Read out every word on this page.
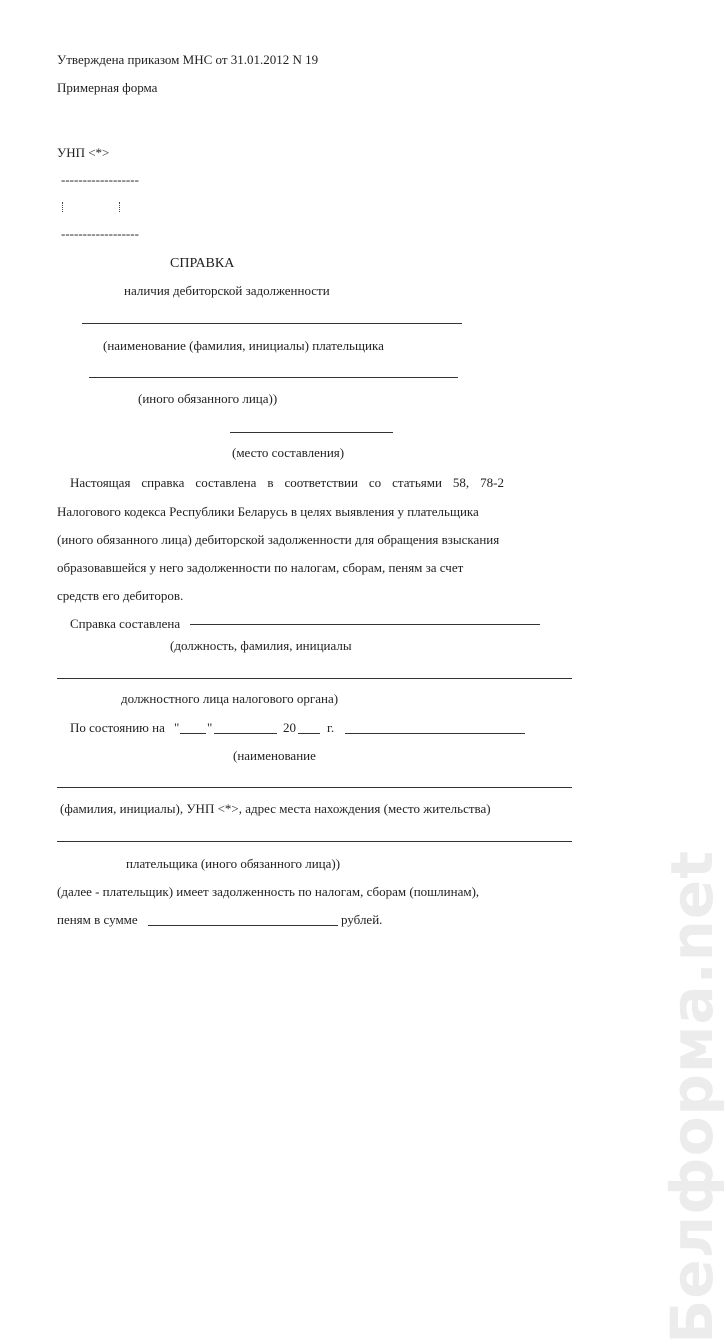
Утверждена приказом МНС от 31.01.2012 N 19
Примерная форма
УНП <*>
------------------
------------------
СПРАВКА
наличия дебиторской задолженности
(наименование (фамилия, инициалы) плательщика
(иного обязанного лица))
(место составления)
Настоящая справка составлена в соответствии со статьями 58, 78-2
Налогового кодекса Республики Беларусь в целях выявления у плательщика
(иного обязанного лица) дебиторской задолженности для обращения взыскания
образовавшейся у него задолженности по налогам, сборам, пеням за счет
средств его дебиторов.
Справка составлена
(должность, фамилия, инициалы
должностного лица налогового органа)
По состоянию на " "	20 г.
(наименование
(фамилия, инициалы), УНП <*>, адрес места нахождения (место жительства)
плательщика (иного обязанного лица))
(далее - плательщик) имеет задолженность по налогам, сборам (пошлинам),
пеням в сумме	рублей.	Белформа.net
